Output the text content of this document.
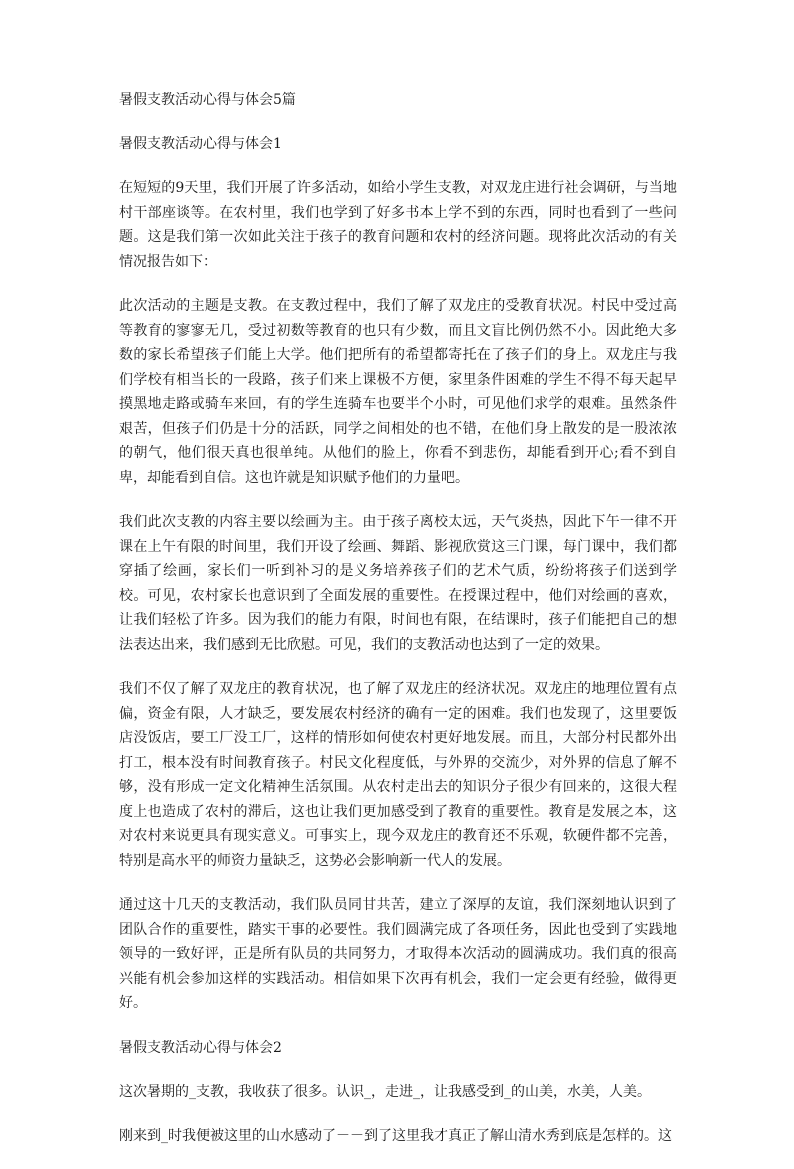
暑假支教活动心得与体会5篇
暑假支教活动心得与体会1

在短短的9天里，我们开展了许多活动，如给小学生支教，对双龙庄进行社会调研，与当地村干部座谈等。在农村里，我们也学到了好多书本上学不到的东西，同时也看到了一些问题。这是我们第一次如此关注于孩子的教育问题和农村的经济问题。现将此次活动的有关情况报告如下：

此次活动的主题是支教。在支教过程中，我们了解了双龙庄的受教育状况。村民中受过高等教育的寥寥无几，受过初数等教育的也只有少数，而且文盲比例仍然不小。因此绝大多数的家长希望孩子们能上大学。他们把所有的希望都寄托在了孩子们的身上。双龙庄与我们学校有相当长的一段路，孩子们来上课极不方便，家里条件困难的学生不得不每天起早摸黑地走路或骑车来回，有的学生连骑车也要半个小时，可见他们求学的艰难。虽然条件艰苦，但孩子们仍是十分的活跃，同学之间相处的也不错，在他们身上散发的是一股浓浓的朝气，他们很天真也很单纯。从他们的脸上，你看不到悲伤，却能看到开心;看不到自卑，却能看到自信。这也许就是知识赋予他们的力量吧。

我们此次支教的内容主要以绘画为主。由于孩子离校太远，天气炎热，因此下午一律不开课在上午有限的时间里，我们开设了绘画、舞蹈、影视欣赏这三门课，每门课中，我们都穿插了绘画，家长们一听到补习的是义务培养孩子们的艺术气质，纷纷将孩子们送到学校。可见，农村家长也意识到了全面发展的重要性。在授课过程中，他们对绘画的喜欢，让我们轻松了许多。因为我们的能力有限，时间也有限，在结课时，孩子们能把自己的想法表达出来，我们感到无比欣慰。可见，我们的支教活动也达到了一定的效果。

我们不仅了解了双龙庄的教育状况，也了解了双龙庄的经济状况。双龙庄的地理位置有点偏，资金有限，人才缺乏，要发展农村经济的确有一定的困难。我们也发现了，这里要饭店没饭店，要工厂没工厂，这样的情形如何使农村更好地发展。而且，大部分村民都外出打工，根本没有时间教育孩子。村民文化程度低，与外界的交流少，对外界的信息了解不够，没有形成一定文化精神生活氛围。从农村走出去的知识分子很少有回来的，这很大程度上也造成了农村的滞后，这也让我们更加感受到了教育的重要性。教育是发展之本，这对农村来说更具有现实意义。可事实上，现今双龙庄的教育还不乐观，软硬件都不完善，特别是高水平的师资力量缺乏，这势必会影响新一代人的发展。

通过这十几天的支教活动，我们队员同甘共苦，建立了深厚的友谊，我们深刻地认识到了团队合作的重要性，踏实干事的必要性。我们圆满完成了各项任务，因此也受到了实践地领导的一致好评，正是所有队员的共同努力，才取得本次活动的圆满成功。我们真的很高兴能有机会参加这样的实践活动。相信如果下次再有机会，我们一定会更有经验，做得更好。

暑假支教活动心得与体会2

这次暑期的_支教，我收获了很多。认识_，走进_，让我感受到_的山美，水美，人美。

刚来到_时我便被这里的山水感动了－－到了这里我才真正了解山清水秀到底是怎样的。这
